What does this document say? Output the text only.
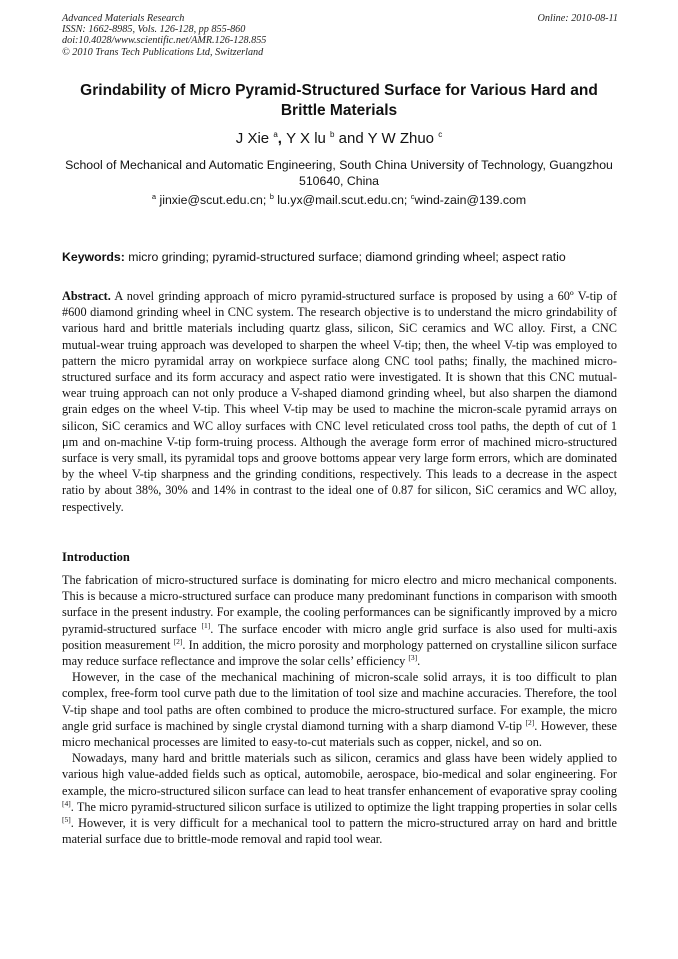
Advanced Materials Research
ISSN: 1662-8985, Vols. 126-128, pp 855-860
doi:10.4028/www.scientific.net/AMR.126-128.855
© 2010 Trans Tech Publications Ltd, Switzerland
Online: 2010-08-11
Grindability of Micro Pyramid-Structured Surface for Various Hard and Brittle Materials
J Xie $^a$, Y X lu $^b$ and Y W Zhuo $^c$
School of Mechanical and Automatic Engineering, South China University of Technology, Guangzhou 510640, China
$^a$ jinxie@scut.edu.cn; $^b$ lu.yx@mail.scut.edu.cn; $^c$wind-zain@139.com
Keywords: micro grinding; pyramid-structured surface; diamond grinding wheel; aspect ratio
Abstract. A novel grinding approach of micro pyramid-structured surface is proposed by using a 60º V-tip of #600 diamond grinding wheel in CNC system. The research objective is to understand the micro grindability of various hard and brittle materials including quartz glass, silicon, SiC ceramics and WC alloy. First, a CNC mutual-wear truing approach was developed to sharpen the wheel V-tip; then, the wheel V-tip was employed to pattern the micro pyramidal array on workpiece surface along CNC tool paths; finally, the machined micro-structured surface and its form accuracy and aspect ratio were investigated. It is shown that this CNC mutual-wear truing approach can not only produce a V-shaped diamond grinding wheel, but also sharpen the diamond grain edges on the wheel V-tip. This wheel V-tip may be used to machine the micron-scale pyramid arrays on silicon, SiC ceramics and WC alloy surfaces with CNC level reticulated cross tool paths, the depth of cut of 1 μm and on-machine V-tip form-truing process. Although the average form error of machined micro-structured surface is very small, its pyramidal tops and groove bottoms appear very large form errors, which are dominated by the wheel V-tip sharpness and the grinding conditions, respectively. This leads to a decrease in the aspect ratio by about 38%, 30% and 14% in contrast to the ideal one of 0.87 for silicon, SiC ceramics and WC alloy, respectively.
Introduction

The fabrication of micro-structured surface is dominating for micro electro and micro mechanical components. This is because a micro-structured surface can produce many predominant functions in comparison with smooth surface in the present industry. For example, the cooling performances can be significantly improved by a micro pyramid-structured surface [1]. The surface encoder with micro angle grid surface is also used for multi-axis position measurement [2]. In addition, the micro porosity and morphology patterned on crystalline silicon surface may reduce surface reflectance and improve the solar cells’ efficiency [3].

However, in the case of the mechanical machining of micron-scale solid arrays, it is too difficult to plan complex, free-form tool curve path due to the limitation of tool size and machine accuracies. Therefore, the tool V-tip shape and tool paths are often combined to produce the micro-structured surface. For example, the micro angle grid surface is machined by single crystal diamond turning with a sharp diamond V-tip [2]. However, these micro mechanical processes are limited to easy-to-cut materials such as copper, nickel, and so on.

Nowadays, many hard and brittle materials such as silicon, ceramics and glass have been widely applied to various high value-added fields such as optical, automobile, aerospace, bio-medical and solar engineering. For example, the micro-structured silicon surface can lead to heat transfer enhancement of evaporative spray cooling [4]. The micro pyramid-structured silicon surface is utilized to optimize the light trapping properties in solar cells [5]. However, it is very difficult for a mechanical tool to pattern the micro-structured array on hard and brittle material surface due to brittle-mode removal and rapid tool wear.
